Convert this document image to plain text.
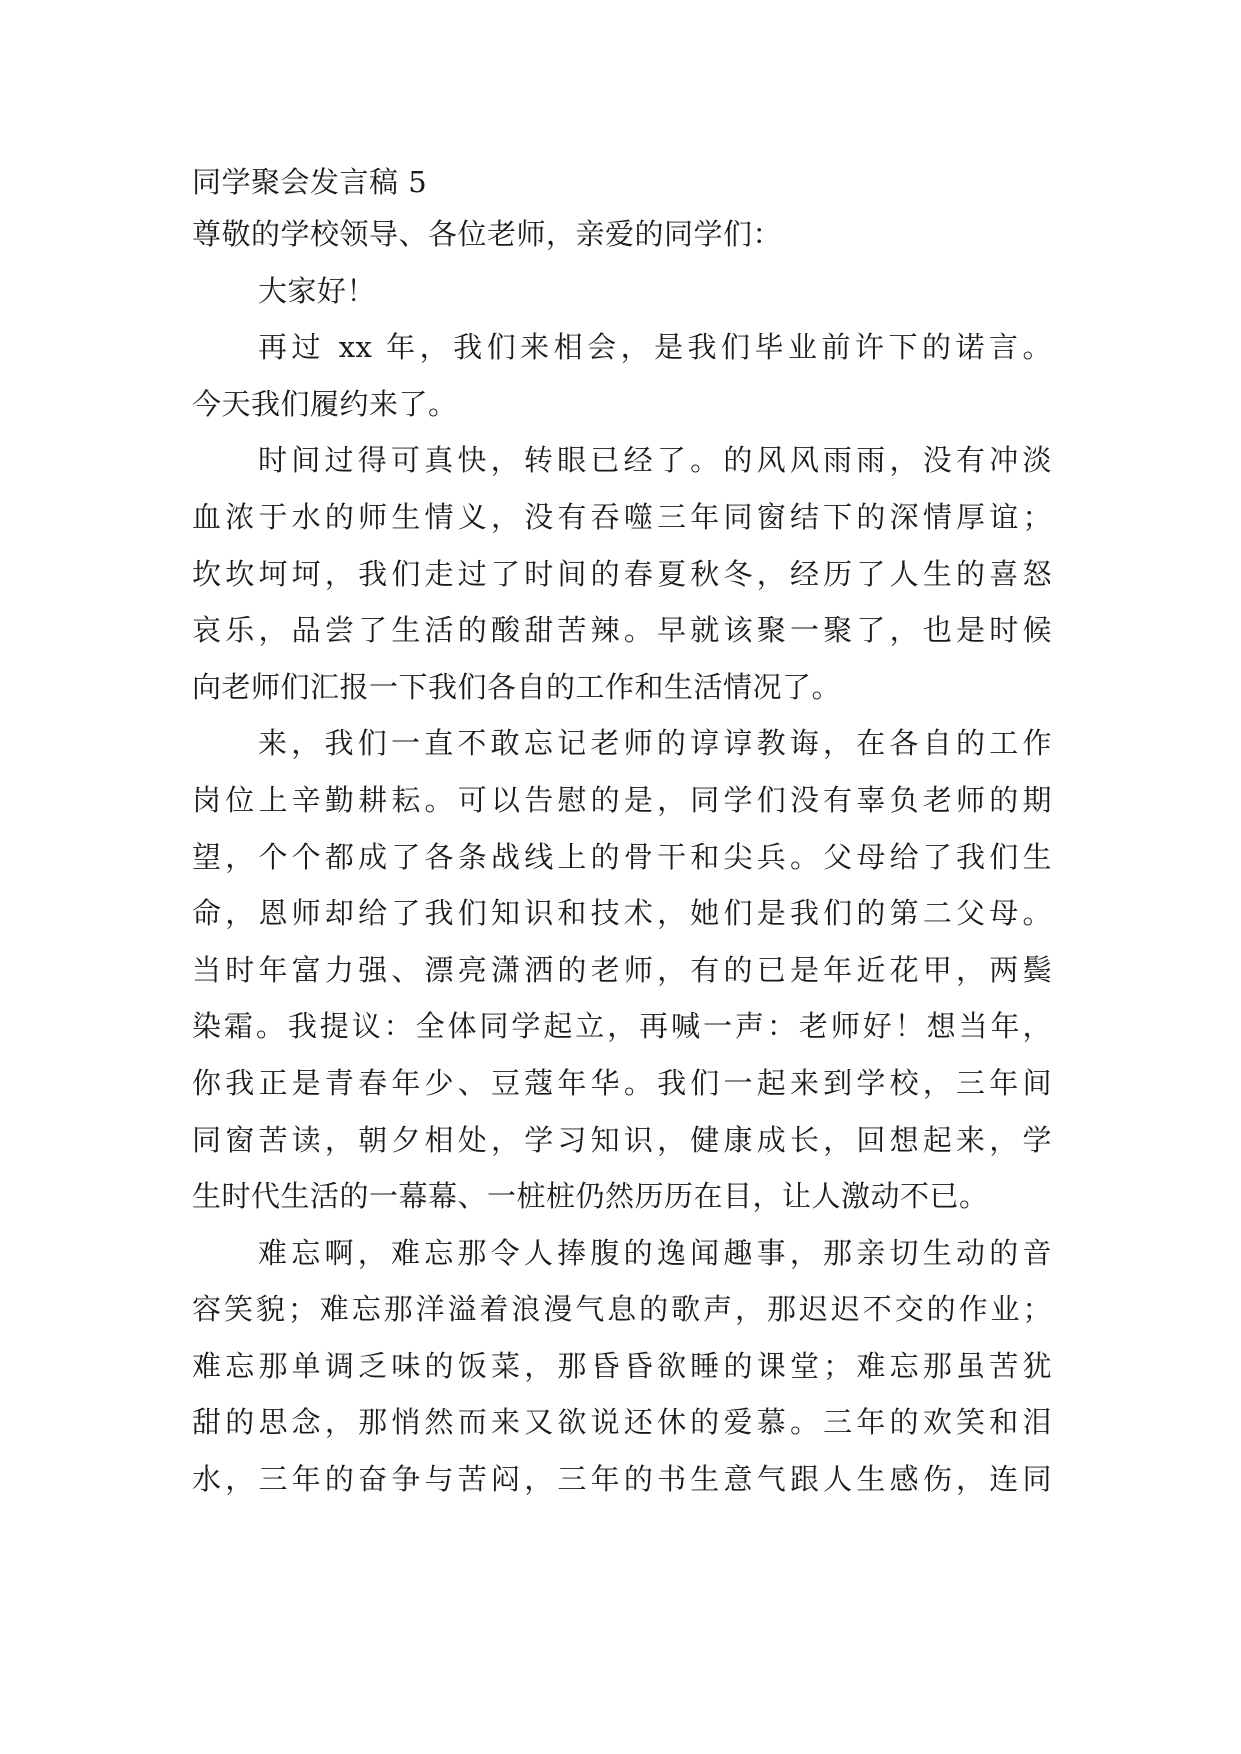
同学聚会发言稿 5
尊敬的学校领导、各位老师，亲爱的同学们：
大家好！
再过 xx 年，我们来相会，是我们毕业前许下的诺言。
今天我们履约来了。
时间过得可真快，转眼已经了。的风风雨雨，没有冲淡
血浓于水的师生情义，没有吞噬三年同窗结下的深情厚谊；
坎坎坷坷，我们走过了时间的春夏秋冬，经历了人生的喜怒
哀乐，品尝了生活的酸甜苦辣。早就该聚一聚了，也是时候
向老师们汇报一下我们各自的工作和生活情况了。
来，我们一直不敢忘记老师的谆谆教诲，在各自的工作
岗位上辛勤耕耘。可以告慰的是，同学们没有辜负老师的期
望，个个都成了各条战线上的骨干和尖兵。父母给了我们生
命，恩师却给了我们知识和技术，她们是我们的第二父母。
当时年富力强、漂亮潇洒的老师，有的已是年近花甲，两鬓
染霜。我提议：全体同学起立，再喊一声：老师好！想当年，
你我正是青春年少、豆蔻年华。我们一起来到学校，三年间
同窗苦读，朝夕相处，学习知识，健康成长，回想起来，学
生时代生活的一幕幕、一桩桩仍然历历在目，让人激动不已。
难忘啊，难忘那令人捧腹的逸闻趣事，那亲切生动的音
容笑貌；难忘那洋溢着浪漫气息的歌声，那迟迟不交的作业；
难忘那单调乏味的饭菜，那昏昏欲睡的课堂；难忘那虽苦犹
甜的思念，那悄然而来又欲说还休的爱慕。三年的欢笑和泪
水，三年的奋争与苦闷，三年的书生意气跟人生感伤，连同
